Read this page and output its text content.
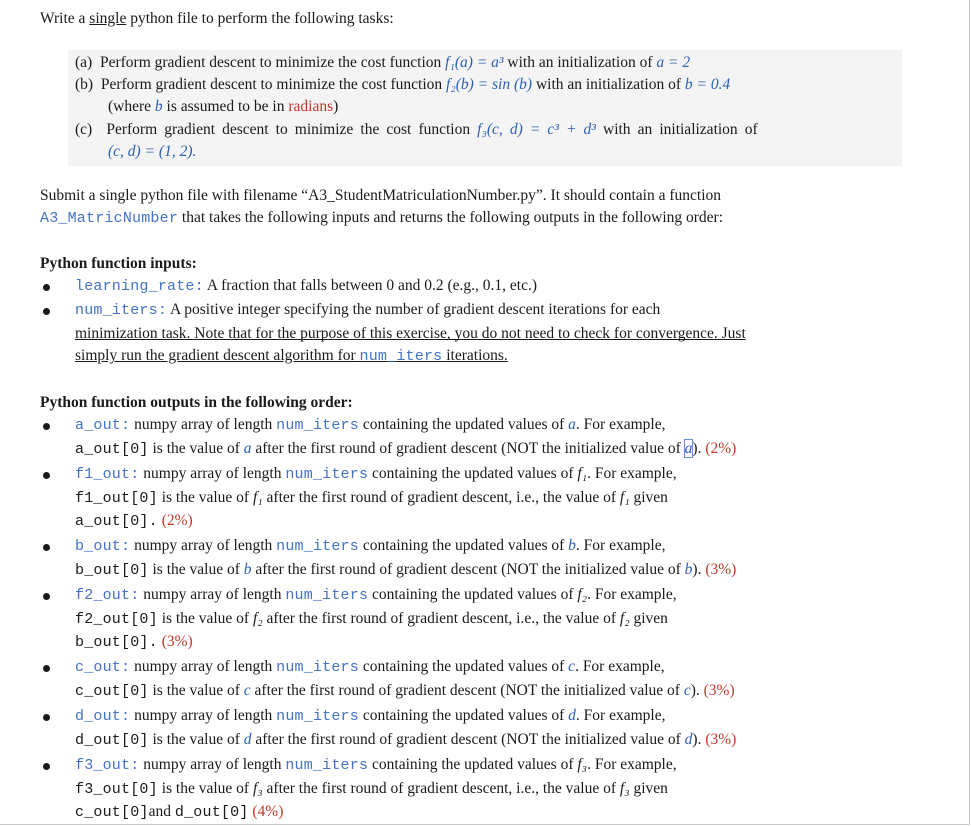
Write a single python file to perform the following tasks:
(a) Perform gradient descent to minimize the cost function f₁(a) = a³ with an initialization of a = 2
(b) Perform gradient descent to minimize the cost function f₂(b) = sin (b) with an initialization of b = 0.4
(where b is assumed to be in radians)
(c) Perform gradient descent to minimize the cost function f₃(c, d) = c³ + d³ with an initialization of
(c, d) = (1, 2).
Submit a single python file with filename “A3_StudentMatriculationNumber.py”. It should contain a function
A3_MatricNumber that takes the following inputs and returns the following outputs in the following order:
Python function inputs:
learning_rate: A fraction that falls between 0 and 0.2 (e.g., 0.1, etc.)
num_iters: A positive integer specifying the number of gradient descent iterations for each
minimization task. Note that for the purpose of this exercise, you do not need to check for convergence. Just
simply run the gradient descent algorithm for num_iters iterations.
Python function outputs in the following order:
a_out: numpy array of length num_iters containing the updated values of a. For example,
a_out[0] is the value of a after the first round of gradient descent (NOT the initialized value of a). (2%)
f1_out: numpy array of length num_iters containing the updated values of f₁. For example,
f1_out[0] is the value of f₁ after the first round of gradient descent, i.e., the value of f₁ given
a_out[0]. (2%)
b_out: numpy array of length num_iters containing the updated values of b. For example,
b_out[0] is the value of b after the first round of gradient descent (NOT the initialized value of b). (3%)
f2_out: numpy array of length num_iters containing the updated values of f₂. For example,
f2_out[0] is the value of f₂ after the first round of gradient descent, i.e., the value of f₂ given
b_out[0]. (3%)
c_out: numpy array of length num_iters containing the updated values of c. For example,
c_out[0] is the value of c after the first round of gradient descent (NOT the initialized value of c). (3%)
d_out: numpy array of length num_iters containing the updated values of d. For example,
d_out[0] is the value of d after the first round of gradient descent (NOT the initialized value of d). (3%)
f3_out: numpy array of length num_iters containing the updated values of f₃. For example,
f3_out[0] is the value of f₃ after the first round of gradient descent, i.e., the value of f₃ given
c_out[0]and d_out[0] (4%)
